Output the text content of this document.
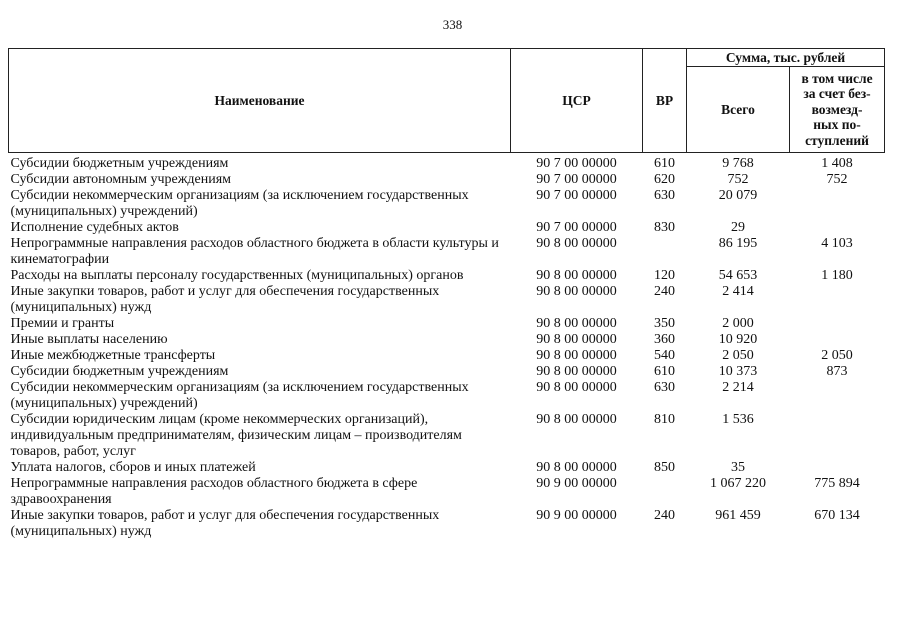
338
Наименование	ЦСР	ВР	Сумма, тыс. рублей	
			Всего	в том числе
за счет без-
возмезд-
ных по-
ступлений

Субсидии бюджетным учреждениям	90 7 00 00000	610	9 768	1 408
Субсидии автономным учреждениям	90 7 00 00000	620	752	752
Субсидии некоммерческим организациям (за исключением государственных (муниципальных) учреждений)	90 7 00 00000	630	20 079	
Исполнение судебных актов	90 7 00 00000	830	29	
Непрограммные направления расходов областного бюджета в области культуры и кинематографии	90 8 00 00000		86 195	4 103
Расходы на выплаты персоналу государственных (муниципальных) органов	90 8 00 00000	120	54 653	1 180
Иные закупки товаров, работ и услуг для обеспечения государственных (муниципальных) нужд	90 8 00 00000	240	2 414	
Премии и гранты	90 8 00 00000	350	2 000	
Иные выплаты населению	90 8 00 00000	360	10 920	
Иные межбюджетные трансферты	90 8 00 00000	540	2 050	2 050
Субсидии бюджетным учреждениям	90 8 00 00000	610	10 373	873
Субсидии некоммерческим организациям (за исключением государственных (муниципальных) учреждений)	90 8 00 00000	630	2 214	
Субсидии юридическим лицам (кроме некоммерческих организаций), индивидуальным предпринимателям, физическим лицам – производителям товаров, работ, услуг	90 8 00 00000	810	1 536	
Уплата налогов, сборов и иных платежей	90 8 00 00000	850	35	
Непрограммные направления расходов областного бюджета в сфере здравоохранения	90 9 00 00000		1 067 220	775 894
Иные закупки товаров, работ и услуг для обеспечения государственных (муниципальных) нужд	90 9 00 00000	240	961 459	670 134
